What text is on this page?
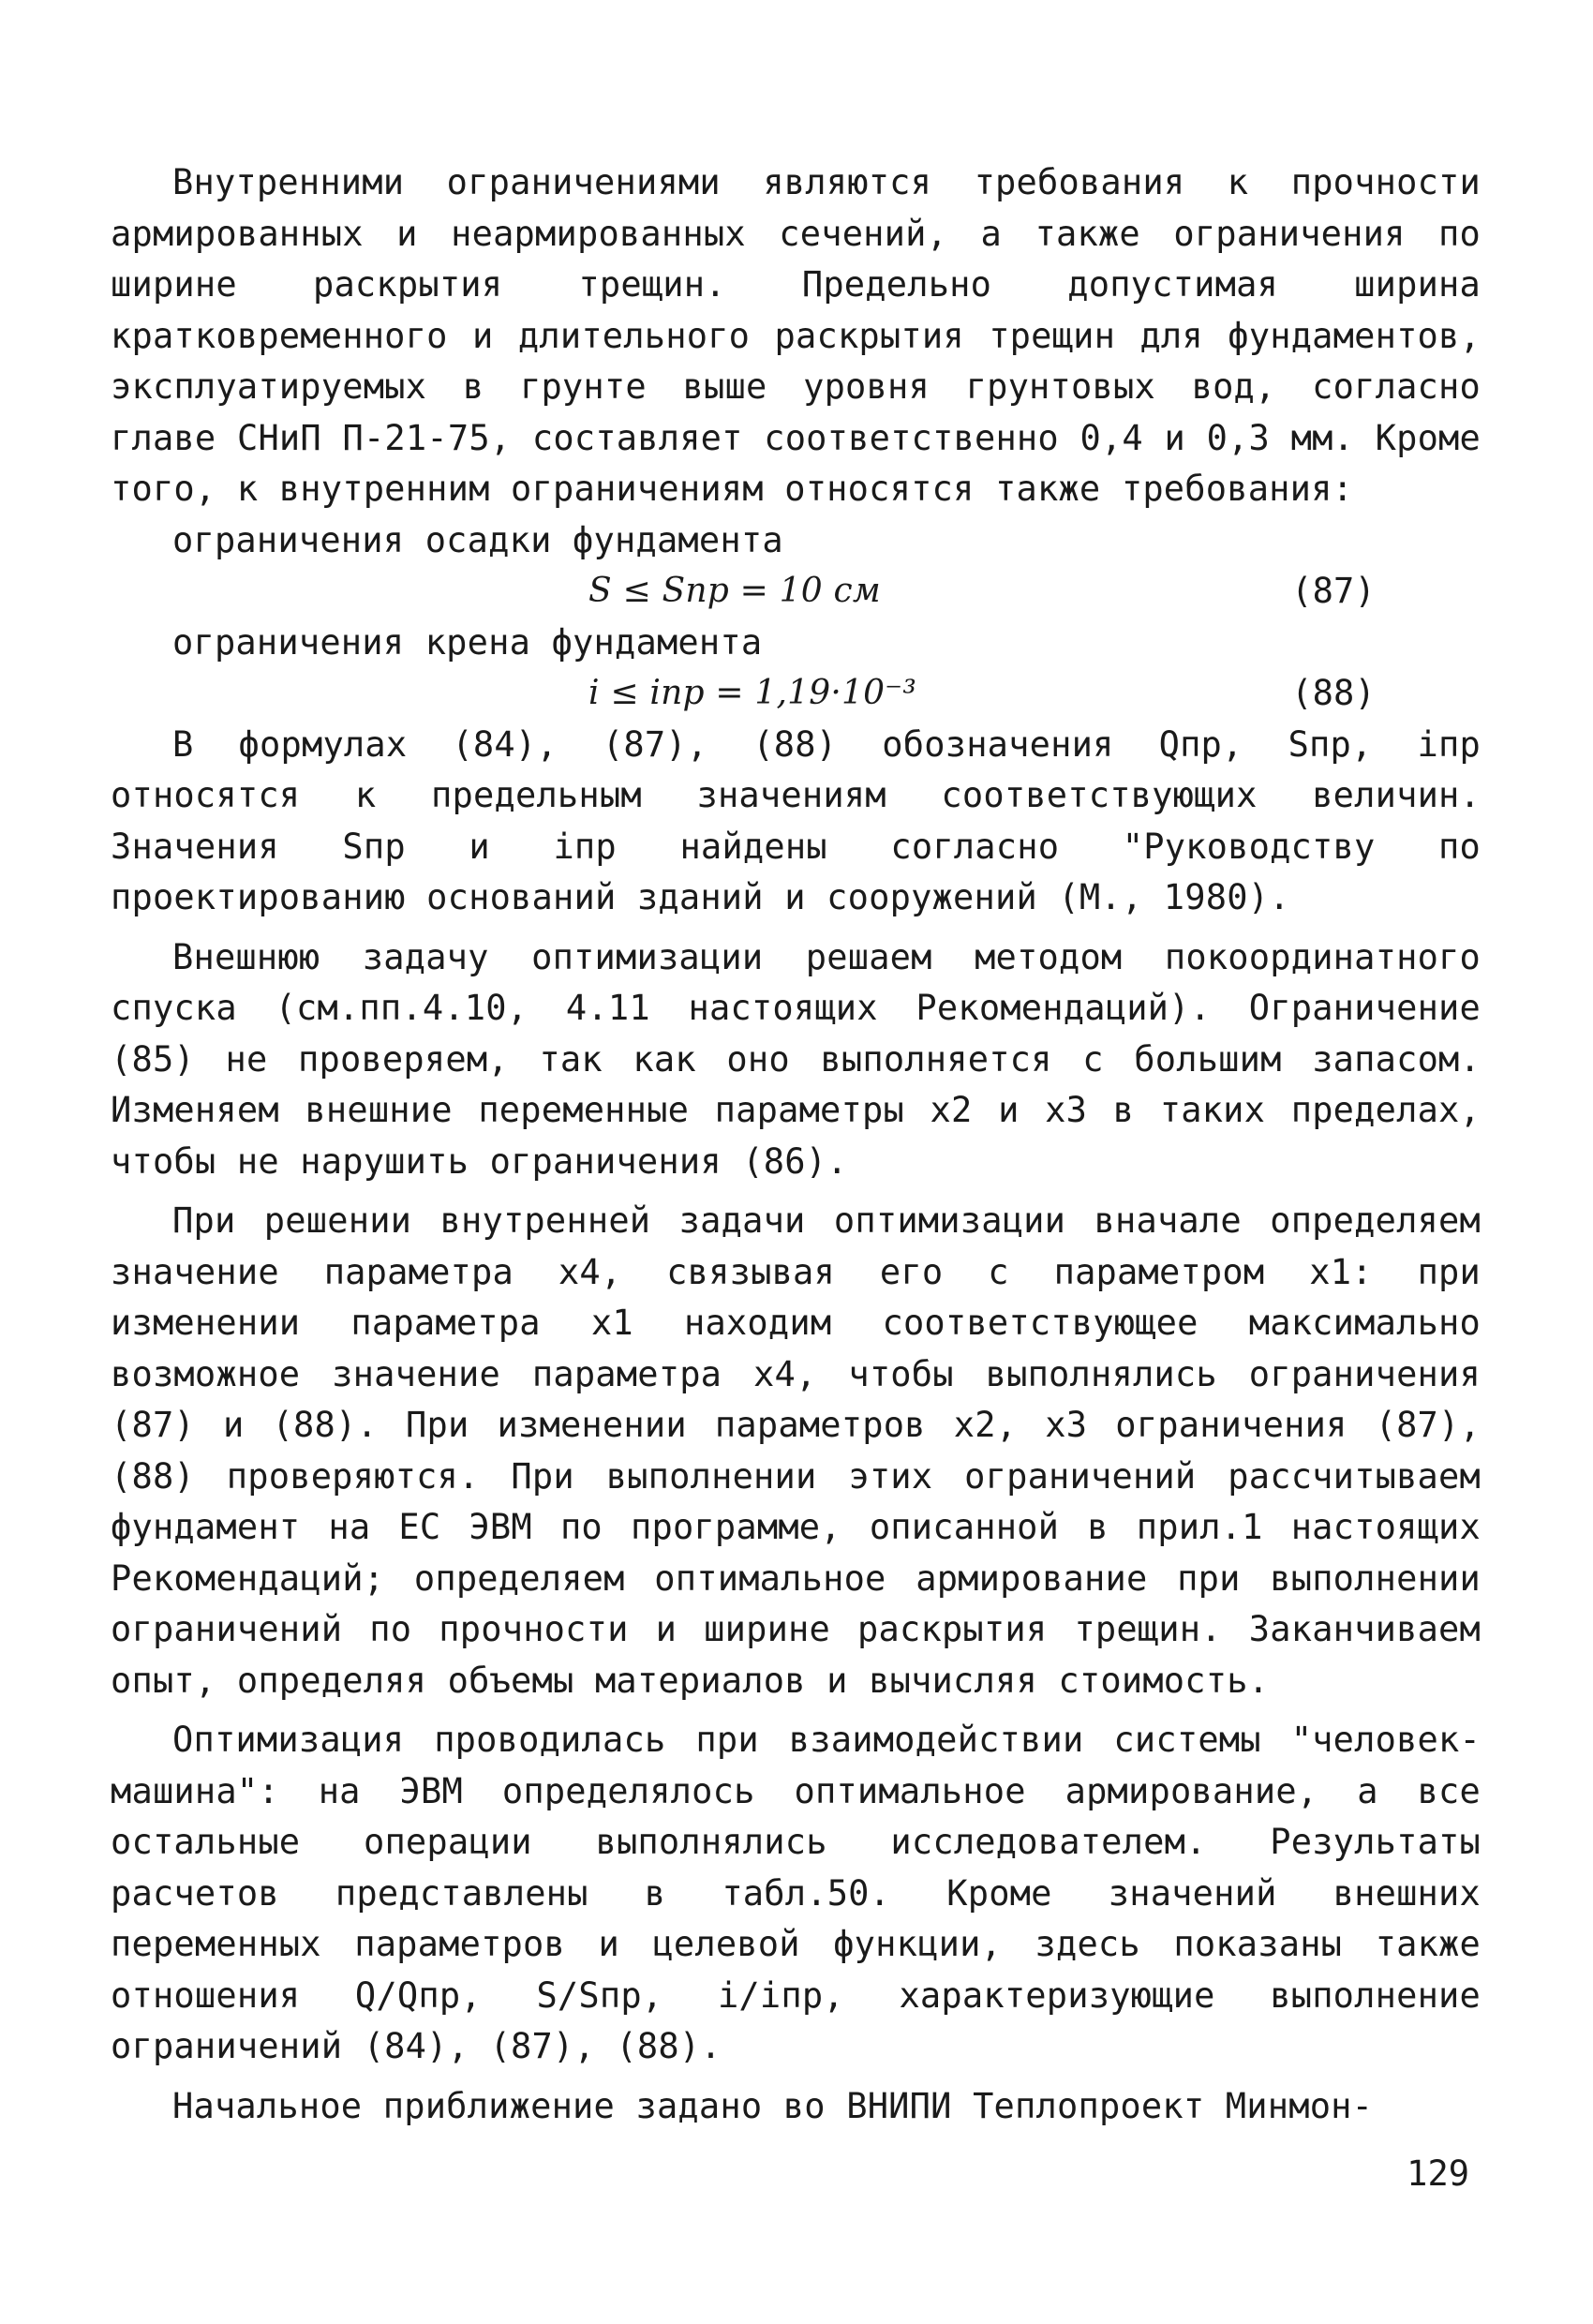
Внутренними ограничениями являются требования к прочности армированных и неармированных сечений, а также ограничения по ширине раскрытия трещин. Предельно допустимая ширина кратковременного и длительного раскрытия трещин для фундаментов, эксплуатируемых в грунте выше уровня грунтовых вод, согласно главе СНиП П-21-75, составляет соответственно 0,4 и 0,3 мм. Кроме того, к внутренним ограничениям относятся также требования:

ограничения осадки фундамента

S ≤ Sпр = 10 см	(87)

ограничения крена фундамента

i ≤ iпр = 1,19·10⁻³	(88)

В формулах (84), (87), (88) обозначения Qпр, Sпр, iпр относятся к предельным значениям соответствующих величин. Значения Sпр и iпр найдены согласно "Руководству по проектированию оснований зданий и сооружений (М., 1980).

Внешнюю задачу оптимизации решаем методом покоординатного спуска (см.пп.4.10, 4.11 настоящих Рекомендаций). Ограничение (85) не проверяем, так как оно выполняется с большим запасом. Изменяем внешние переменные параметры x2 и x3 в таких пределах, чтобы не нарушить ограничения (86).

При решении внутренней задачи оптимизации вначале определяем значение параметра x4, связывая его с параметром x1: при изменении параметра x1 находим соответствующее максимально возможное значение параметра x4, чтобы выполнялись ограничения (87) и (88). При изменении параметров x2, x3 ограничения (87), (88) проверяются. При выполнении этих ограничений рассчитываем фундамент на ЕС ЭВМ по программе, описанной в прил.1 настоящих Рекомендаций; определяем оптимальное армирование при выполнении ограничений по прочности и ширине раскрытия трещин. Заканчиваем опыт, определяя объемы материалов и вычисляя стоимость.

Оптимизация проводилась при взаимодействии системы "человек-машина": на ЭВМ определялось оптимальное армирование, а все остальные операции выполнялись исследователем. Результаты расчетов представлены в табл.50. Кроме значений внешних переменных параметров и целевой функции, здесь показаны также отношения Q/Qпр, S/Sпр, i/iпр, характеризующие выполнение ограничений (84), (87), (88).

Начальное приближение задано во ВНИПИ Теплопроект Минмон-

129
